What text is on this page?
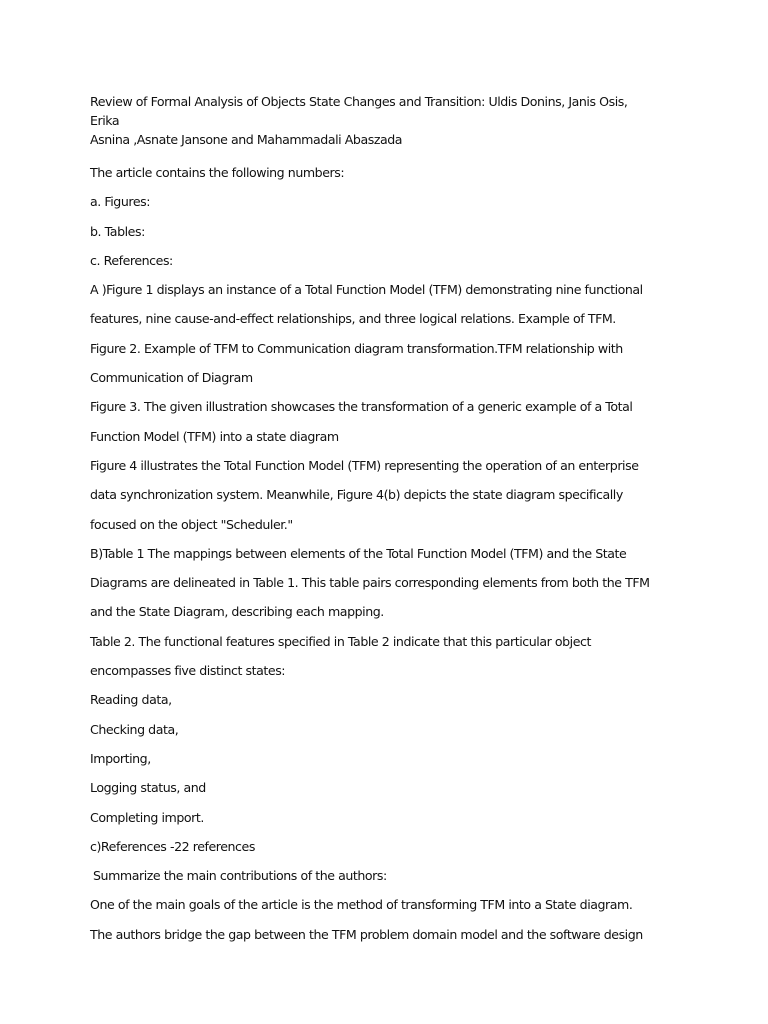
Review of Formal Analysis of Objects State Changes and Transition: Uldis Donins, Janis Osis, Erika
Asnina ,Asnate Jansone and Mahammadali Abaszada
The article contains the following numbers:
a. Figures:
b. Tables:
c. References:
A )Figure 1 displays an instance of a Total Function Model (TFM) demonstrating nine functional
features, nine cause-and-effect relationships, and three logical relations. Example of TFM.
Figure 2. Example of TFM to Communication diagram transformation.TFM relationship with
Communication of Diagram
Figure 3. The given illustration showcases the transformation of a generic example of a Total
Function Model (TFM) into a state diagram
Figure 4 illustrates the Total Function Model (TFM) representing the operation of an enterprise
data synchronization system. Meanwhile, Figure 4(b) depicts the state diagram specifically
focused on the object "Scheduler."
B)Table 1 The mappings between elements of the Total Function Model (TFM) and the State
Diagrams are delineated in Table 1. This table pairs corresponding elements from both the TFM
and the State Diagram, describing each mapping.
Table 2. The functional features specified in Table 2 indicate that this particular object
encompasses five distinct states:
Reading data,
Checking data,
Importing,
Logging status, and
Completing import.
c)References -22 references
Summarize the main contributions of the authors:
One of the main goals of the article is the method of transforming TFM into a State diagram.
The authors bridge the gap between the TFM problem domain model and the software design
